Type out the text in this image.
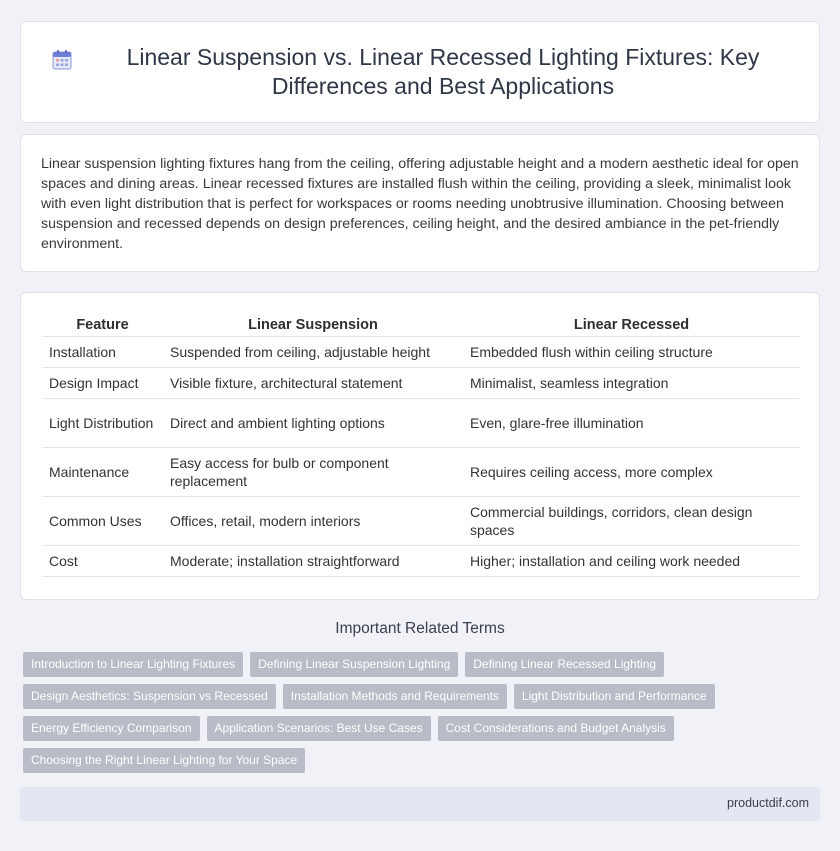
Linear Suspension vs. Linear Recessed Lighting Fixtures: Key Differences and Best Applications

Linear suspension lighting fixtures hang from the ceiling, offering adjustable height and a modern aesthetic ideal for open spaces and dining areas. Linear recessed fixtures are installed flush within the ceiling, providing a sleek, minimalist look with even light distribution that is perfect for workspaces or rooms needing unobtrusive illumination. Choosing between suspension and recessed depends on design preferences, ceiling height, and the desired ambiance in the pet-friendly environment.

Feature	Linear Suspension	Linear Recessed
Installation	Suspended from ceiling, adjustable height	Embedded flush within ceiling structure
Design Impact	Visible fixture, architectural statement	Minimalist, seamless integration
Light Distribution	Direct and ambient lighting options	Even, glare-free illumination
Maintenance	Easy access for bulb or component replacement	Requires ceiling access, more complex
Common Uses	Offices, retail, modern interiors	Commercial buildings, corridors, clean design spaces
Cost	Moderate; installation straightforward	Higher; installation and ceiling work needed
Important Related Terms
Introduction to Linear Lighting Fixtures	Defining Linear Suspension Lighting	Defining Linear Recessed Lighting
Design Aesthetics: Suspension vs Recessed	Installation Methods and Requirements	Light Distribution and Performance
Energy Efficiency Comparison	Application Scenarios: Best Use Cases	Cost Considerations and Budget Analysis
Choosing the Right Linear Lighting for Your Space
productdif.com
